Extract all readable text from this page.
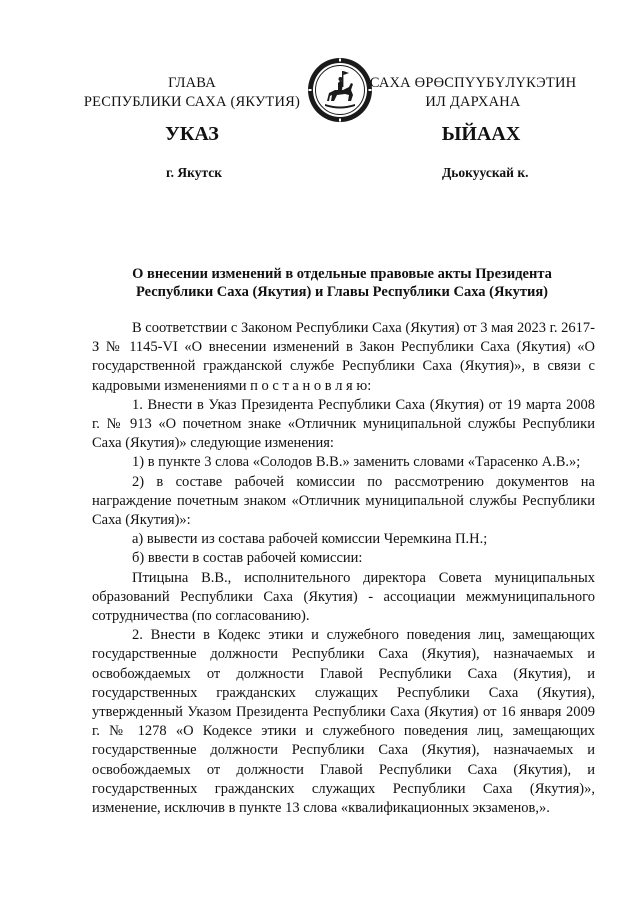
ГЛАВА
РЕСПУБЛИКИ САХА (ЯКУТИЯ)
САХА ӨРӨСПҮҮБҮЛҮКЭТИН
ИЛ ДАРХАНА
УКАЗ	ЫЙААХ
г. Якутск	Дьокуускай к.
О внесении изменений в отдельные правовые акты Президента
Республики Саха (Якутия) и Главы Республики Саха (Якутия)

В соответствии с Законом Республики Саха (Якутия) от 3 мая 2023 г. 2617-З № 1145-VI «О внесении изменений в Закон Республики Саха (Якутия) «О государственной гражданской службе Республики Саха (Якутия)», в связи с кадровыми изменениями п о с т а н о в л я ю:

1. Внести в Указ Президента Республики Саха (Якутия) от 19 марта 2008 г. № 913 «О почетном знаке «Отличник муниципальной службы Республики Саха (Якутия)» следующие изменения:

1) в пункте 3 слова «Солодов В.В.» заменить словами «Тарасенко А.В.»;

2) в составе рабочей комиссии по рассмотрению документов на награждение почетным знаком «Отличник муниципальной службы Республики Саха (Якутия)»:

а) вывести из состава рабочей комиссии Черемкина П.Н.;

б) ввести в состав рабочей комиссии:

Птицына В.В., исполнительного директора Совета муниципальных образований Республики Саха (Якутия) - ассоциации межмуниципального сотрудничества (по согласованию).

2. Внести в Кодекс этики и служебного поведения лиц, замещающих государственные должности Республики Саха (Якутия), назначаемых и освобождаемых от должности Главой Республики Саха (Якутия), и государственных гражданских служащих Республики Саха (Якутия), утвержденный Указом Президента Республики Саха (Якутия) от 16 января 2009 г. № 1278 «О Кодексе этики и служебного поведения лиц, замещающих государственные должности Республики Саха (Якутия), назначаемых и освобождаемых от должности Главой Республики Саха (Якутия), и государственных гражданских служащих Республики Саха (Якутия)», изменение, исключив в пункте 13 слова «квалификационных экзаменов,».
